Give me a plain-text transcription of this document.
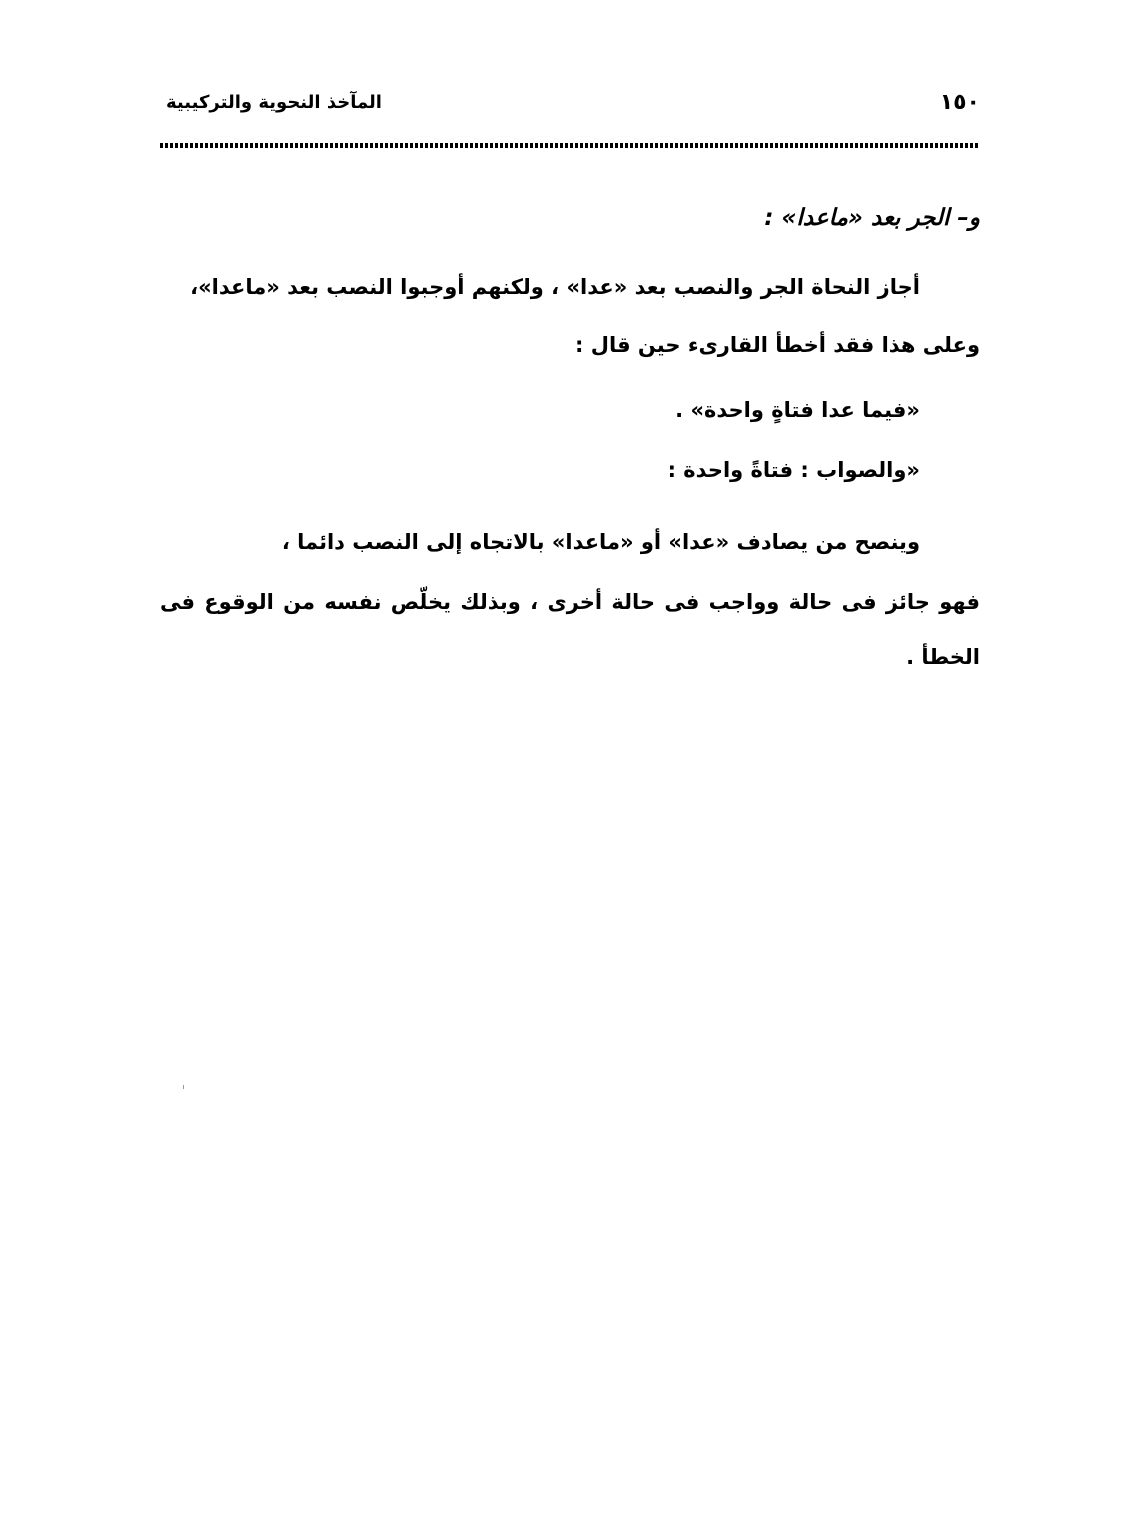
١٥٠
المآخذ النحوية والتركيبية
و– الجر بعد «ماعدا» :
أجاز النحاة الجر والنصب بعد «عدا» ، ولكنهم أوجبوا النصب بعد «ماعدا»،
وعلى هذا فقد أخطأ القارىء حين قال :
«فيما عدا فتاةٍ واحدة» .
«والصواب : فتاةً واحدة :
وينصح من يصادف «عدا» أو «ماعدا» بالاتجاه إلى النصب دائما ،
فهو جائز فى حالة وواجب فى حالة أخرى ، وبذلك يخلّص نفسه من الوقوع فى
الخطأ .
